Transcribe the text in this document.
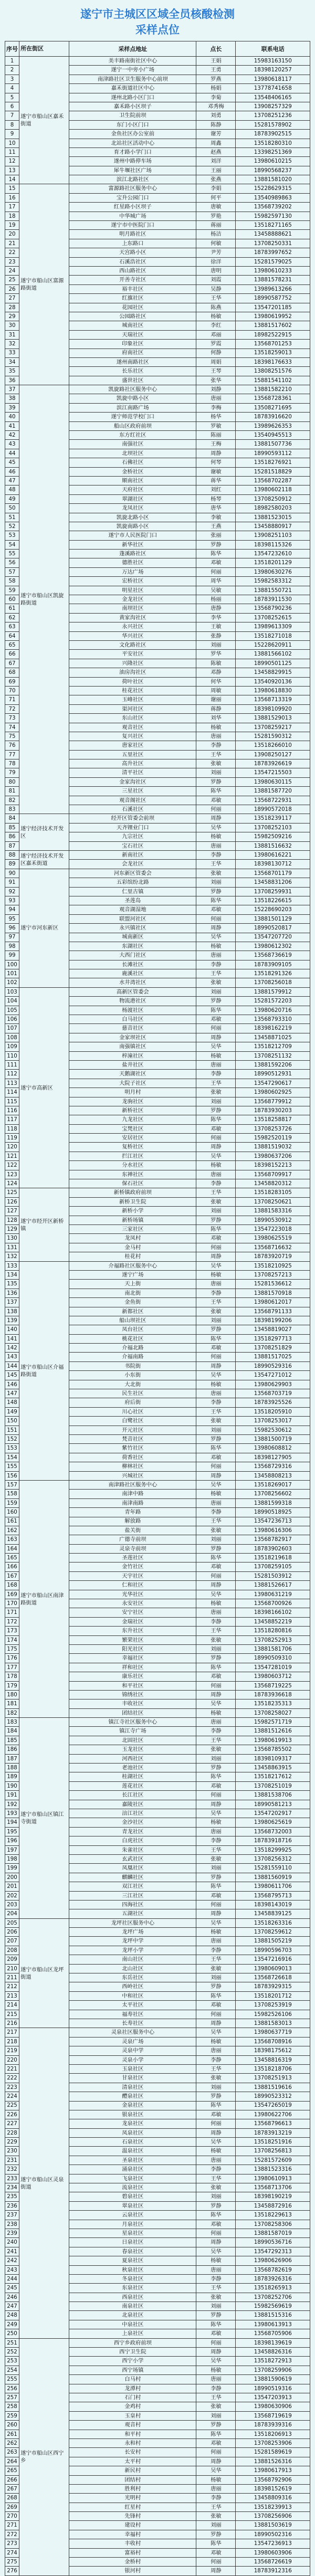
遂宁市主城区区域全员核酸检测
采样点位
序号	所在街区	采样点地址	点长	联系电话
1	遂宁市船山区嘉禾街道	美丰路南街社区中心	王娟	15983163150
2		遂宁一中旁小广场	王勇	18398120257
3		南津路社区卫生服务中心前坝	罗燕	13980618117
4		嘉禾街道社区中心	杨娟	13778741658
5		遂州北路小区门口	李菊	13548406165
6		嘉禾路小区坝子	邓秀梅	13908257329
7		卫生院前坝	刘勇	13708251236
8		东门小区门口	陈静	15281578902
9		金鱼社区办公室前	谢芳	18783902515
10		北站社区活动中心	周鑫	13518280310
11		育才路小学门口	赵燕	13398251369
12		遂州中路停车场	刘洋	13980610215
13		犀牛堰社区广场	王丽	18990568237
14		滨江北路社区	张燕	13881581020
15	遂宁市船山区富源路街道	富源路社区服务中心	李娟	15228629315
16		宝升公园门口	何平	13540989863
17		红星路小区坝子	唐敏	13568739202
18		中华城广场	罗艳	15982597130
19		遂宁市中医院门口	蒋丽	13518271165
20		明月路社区	杨洁	13458888621
21		上东路口	何敏	13708250331
22		天宫路小区	尹芳	18783997652
23		石溪浩社区	徐洋	15281579025
24		西山路社区	唐明	13980610233
25		开善寺社区	刘霞	13881578231
26		裕丰社区	吴静	13989613266
27		红旗社区	王华	18990587752
28		花园社区	陈燕	13547201185
29		公园路社区	杨敏	13980619952
30		城南社区	李红	13881517602
31		天瑞社区	邓丽	18982522915
32		印象社区	罗霞	13568701253
33		府南社区	何静	13518259013
34		遂州南路社区	周娟	18398176633
35		长乐社区	王琴	13808251576
36		盛世社区	张华	15881541102
37	遂宁市船山区凯旋路街道	凯旋路社区服务中心	刘静	13881582210
38		凯旋中路小区	唐丽	13568728361
39		滨江南路广场	李梅	13508271695
40		遂宁师范学校门口	杨华	18783916620
41		船山区政府前坝	罗敏	13989626353
42		东方红社区	陈丽	13540945513
43		南强社区	王梅	13881507736
44		北坝社区	周静	18990593112
45		石佛社区	何琴	13518276921
46		金桥社区	谢敏	15281518829
47		顺南社区	蒋华	13568702287
48		天府社区	刘红	13980602118
49		翠湖社区	杨琴	13708250912
50		龙凤社区	唐华	18982580203
51		凯旋北路小区	李敏	13881523015
52		凯旋南路小区	王燕	13458880917
53		遂宁市人民医院门口	张丽	13908251103
54		新华社区	罗静	18398115326
55		蓬溪路社区	陈华	13547232610
56		德胜社区	邓敏	13518201129
57		万达广场	何丽	13980630276
58		宏桥社区	周华	15982583312
59		明星社区	吴敏	13881550721
60		金龙社区	杨丽	18783911530
61		南坝社区	唐静	13568790236
62		黄家沟社区	李华	13708252615
63		永兴社区	王敏	13989613309
64		华兴社区	张静	13518271018
65		文化路社区	刘丽	15228620911
66		平安社区	罗华	13881566102
67		兴隆社区	陈敏	18990501125
68		油房沟社区	邓静	13458829915
69		荷叶社区	何华	13540920136
70		桂花社区	周敏	13980618830
71		玉峰社区	谢丽	13568713319
72		渠河社区	蒋静	18398109920
73		东山社区	刘华	13881529013
74		观音社区	杨敏	13708259217
75		复兴社区	唐丽	15281590312
76		唐家社区	李静	13518266010
77		五里社区	王华	13908250127
78		高升社区	张敏	18783926619
79		清平社区	刘丽	13547215503
80		金家沟社区	罗静	13980630115
81		三星社区	陈华	13881587720
82		观音阁社区	邓敏	13568722931
83		石溪社区	何丽	18990572018
84	遂宁经济技术开发区	经开区管委会前坝	周静	13518239117
85		天齐锂业门口	吴华	13708252103
86		九宗社区	杨敏	15982509216
87		宝石社区	唐丽	13881516632
88	遂宁经济技术开发区嘉禾街道	新南社区	李静	13980616221
89		会龙社区	王华	18398130712
90	遂宁市河东新区	河东新区管委会	张敏	13568701179
91		五彩缤纷北路	刘丽	13458831206
92		仁里古镇	罗静	13708259931
93		圣莲岛	陈华	13518226615
94		观音湖湿地	邓敏	15228690203
95		联盟河社区	何丽	13881501129
96		永兴镇社区	周静	18990520817
97		城南新区	吴华	13547207720
98		东湖社区	杨敏	13980612302
99		大西门社区	唐丽	13568736619
100		长滩社区	李静	18783909105
101		鹿溪社区	王华	13518291326
102		水井湾社区	张敏	13708256018
103	遂宁市高新区	高新区管委会	刘丽	13881579912
104		物流港社区	罗静	15281572203
105		杨渡社区	陈华	13980620716
106		白马社区	邓敏	13568793310
107		慈音社区	何丽	18398162219
108		金家坝社区	周静	13458871025
109		南强镇社区	吴华	13518212709
110		梓潼社区	杨敏	13708251132
111		盐井社区	唐丽	13881592206
112		天鹅湖社区	李静	18990512931
113		大院子社区	王华	13547290617
114		明月村	张敏	13980602925
115		龙驹社区	刘丽	13568779912
116		新桥社区	罗静	18783930203
117		九龙社区	陈华	13518258817
118		宝梵社区	邓敏	13708253726
119		安居社区	何丽	15982520119
120		复桥社区	周静	13881519032
121		拦江社区	吴华	13980637206
122		分水社区	杨敏	18398152213
123		东禅社区	唐丽	13568709917
124		保石社区	李静	13458820312
125	遂宁市经开区新桥镇	新桥镇政府前坝	王华	13518283105
126		新桥卫生院	张敏	13708250621
127		新桥小学	刘丽	13881583316
128		新桥场镇	罗静	18990530912
129		三家社区	陈华	13547223018
130		龙凤村	邓敏	13980625519
131		金马村	何丽	13568716632
132		桂花村	周静	18783920719
133	遂宁市船山区介福路街道	介福路社区服务中心	吴华	13518210925
134		遂宁广场	杨敏	13708257213
135		天上街	唐丽	15281536612
136		南北街	李静	13881570918
137		金鱼街	王华	13980612017
138		新都社区	张敏	13568791133
139		船山坝社区	刘丽	18398199206
140		凤台社区	罗静	13458819027
141		桃花社区	陈华	13518297713
142		介福北路	邓敏	13708251829
143		介福南路	何丽	13881517025
144		书院街	周静	18990529316
145		小东街	吴华	13547271012
146		大北街	杨敏	13980629903
147		民生社区	唐丽	13568703719
148		府后街	李静	18783925526
149		川心社区	王华	13518205910
150		白鹭社区	张敏	13708253017
151		开元社区	刘丽	15982530612
152		梵音社区	罗静	13881500719
153		紫竹社区	陈华	13980608812
154		荷香社区	邓敏	18398127905
155		柳林社区	何丽	13568729316
156		兴城社区	周静	13458808213
157	遂宁市船山区南津路街道	南津路社区服务中心	吴华	13518269017
158		南津中路	杨敏	13708256602
159		南津南路	唐丽	13881599318
160		青年路	李静	18990518925
161		解放路	王华	13547236713
162		盐关街	张敏	13980616306
163		广德寺前坝	刘丽	13568782917
164		灵泉寺前坝	罗静	18783902603
165		圣莲社区	陈华	13518219618
166		金竹社区	邓敏	13708259105
167		天宇社区	何丽	15281503912
168		仁和社区	周静	13881526617
169		光华社区	吴华	13980631219
170		永安社区	杨敏	13568700926
171		安宁社区	唐丽	18398166102
172		金瑞社区	李静	13458852219
173		东升社区	王华	13518280816
174		繁荣社区	张敏	13708252913
175		阳光社区	刘丽	13881581706
176		幸福社区	罗静	18990509310
177		祥和社区	陈华	13547281019
178		康乐社区	邓敏	13980603712
179		和平社区	何丽	13568719225
180		锦绣社区	周静	18783936618
181		丰收社区	吴华	13518235313
182		团结社区	杨敏	13708258027
183	遂宁市船山区镇江寺街道	镇江寺社区服务中心	唐丽	15982571719
184		镇江寺广场	李静	13881512616
185		北固社区	王华	13980619913
186		玉龙社区	张敏	13568785502
187		河西社区	刘丽	18398109317
188		老池社区	罗静	13458863915
189		桂湖社区	陈华	13518217612
190		莲花社区	邓敏	13708251019
191		长江社区	何丽	13881538706
192		嘉陵社区	周静	18990581213
193		涪江社区	吴华	13547202917
194		金沙社区	杨敏	13980625619
195		青龙社区	唐丽	13568732003
196		白虎社区	李静	18783918716
197		朱雀社区	王华	13518299925
198		玄武社区	张敏	13708256312
199		凤凰社区	刘丽	15281559110
200		麒麟社区	罗静	13881560919
201		双江社区	陈华	13980611706
202		三江社区	邓敏	13568795713
203		四海社区	何丽	18398143019
204		五湖社区	周静	13458839125
205	遂宁市船山区龙坪街道	龙坪社区服务中心	吴华	13518263316
206		龙坪广场	杨敏	13708259612
207		龙坪中学	唐丽	13881505219
208		龙坪小学	李静	18990596703
209		南山社区	王华	13547216916
210		北山社区	张敏	13980609013
211		东岳社区	刘丽	13568726618
212		西岭社区	罗静	18783929315
213		中和社区	陈华	13518201712
214		太平社区	邓敏	13708253919
215		福寿社区	何丽	15982526106
216		长寿社区	周静	13881583013
217	遂宁市船山区灵泉街道	灵泉社区服务中心	吴华	13980637719
218		灵泉广场	杨敏	13568708916
219		灵泉中学	唐丽	18398175612
220		灵泉小学	李静	13458816319
221		玉泉社区	王华	13518218706
222		甘泉社区	张敏	13708251913
223		清泉社区	刘丽	13881519616
224		醴泉社区	罗静	18990523312
225		金泉社区	陈华	13547265019
226		银泉社区	邓敏	13980622706
227		龙泉社区	何丽	13568796613
228		凤泉社区	周静	18783913219
229		石泉社区	吴华	13518251916
230		温泉社区	杨敏	13708256813
231		圣泉社区	唐丽	15281572609
232		涌泉社区	李静	13881523316
233		飞泉社区	王华	13980610913
234		流泉社区	张敏	13568713706
235		碧泉社区	刘丽	18398190219
236		翠泉社区	罗静	13458872916
237		云泉社区	陈华	13518229613
238		月泉社区	邓敏	13708258306
239		星泉社区	何丽	13881587019
240		日泉社区	周静	18990536716
241		春泉社区	吴华	13547292313
242		夏泉社区	杨敏	13980626906
243		秋泉社区	唐丽	13568782619
244		冬泉社区	李静	18783926316
245		东泉社区	王华	13518265913
246		西泉社区	张敏	13708252706
247		南泉社区	刘丽	15982569619
248		北泉社区	罗静	13881515316
249		中泉社区	陈华	13980613913
250		上泉社区	邓敏	13568705906
251	遂宁市船山区西宁乡	西宁乡政府前坝	何丽	18398139619
252		西宁卫生院	周静	13458826316
253		西宁小学	吴华	13518272913
254		西宁场镇	杨敏	13708259906
255		白马村	唐丽	13881590619
256		龙潭村	李静	18990519316
257		石门村	王华	13547203913
258		金鸡村	张敏	13980630906
259		玉皇村	刘丽	13568719619
260		观音村	罗静	18783939316
261		和平村	陈华	13518206913
262		永和村	邓敏	13708253906
263		长安村	何丽	15281589619
264		太平村	周静	13881526316
265		新民村	吴华	13980617913
266		团结村	杨敏	13568792906
267		胜利村	唐丽	18398152619
268		光明村	李静	13458809316
269		红星村	王华	13518239913
270		先锋村	张敏	13708256906
271		建设村	刘丽	13881503619
272		幸福村	罗静	18990502316
273		丰收村	陈华	13547236913
274		富裕村	邓敏	13980603906
275		金桥村	何丽	13568726619
276		银河村	周静	18783912316
